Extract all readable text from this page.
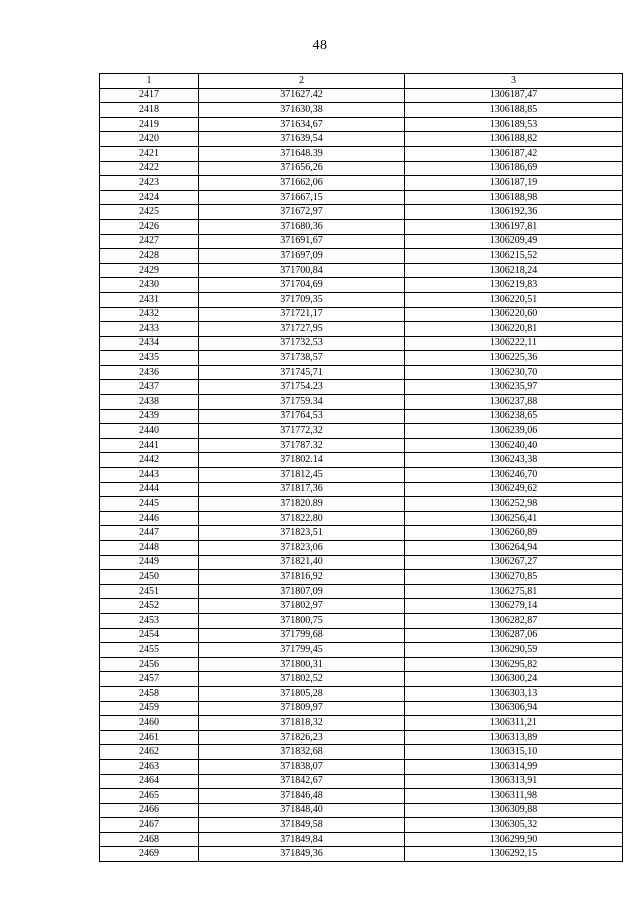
48
1	2	3
2417	371627.42	1306187,47
2418	371630,38	1306188,85
2419	371634,67	1306189,53
2420	371639,54	1306188,82
2421	371648.39	1306187,42
2422	371656,26	1306186,69
2423	371662,06	1306187,19
2424	371667,15	1306188,98
2425	371672,97	1306192,36
2426	371680,36	1306197,81
2427	371691,67	1306209,49
2428	371697,09	1306215,52
2429	371700,84	1306218,24
2430	371704,69	1306219,83
2431	371709,35	1306220,51
2432	371721,17	1306220,60
2433	371727,95	1306220,81
2434	371732.53	1306222,11
2435	371738,57	1306225,36
2436	371745,71	1306230,70
2437	371754.23	1306235,97
2438	371759.34	1306237,88
2439	371764,53	1306238,65
2440	371772,32	1306239,06
2441	371787.32	1306240,40
2442	371802.14	1306243,38
2443	371812,45	1306246,70
2444	371817,36	1306249,62
2445	371820.89	1306252,98
2446	371822.80	1306256,41
2447	371823,51	1306260,89
2448	371823,06	1306264,94
2449	371821,40	1306267,27
2450	371816,92	1306270,85
2451	371807,09	1306275,81
2452	371802,97	1306279,14
2453	371800,75	1306282,87
2454	371799,68	1306287,06
2455	371799,45	1306290,59
2456	371800,31	1306295,82
2457	371802,52	1306300,24
2458	371805,28	1306303,13
2459	371809,97	1306306,94
2460	371818,32	1306311,21
2461	371826,23	1306313,89
2462	371832,68	1306315,10
2463	371838,07	1306314,99
2464	371842,67	1306313,91
2465	371846,48	1306311,98
2466	371848,40	1306309,88
2467	371849,58	1306305,32
2468	371849,84	1306299,90
2469	371849,36	1306292,15
